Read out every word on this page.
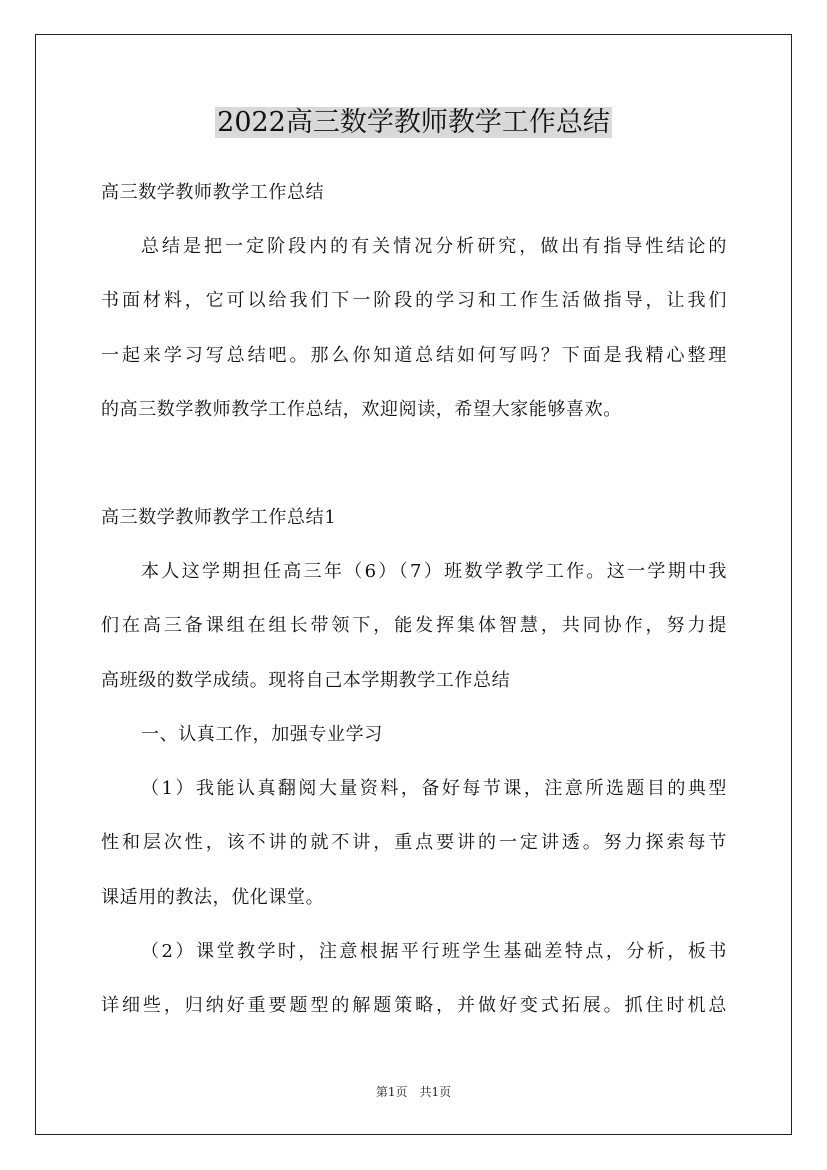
2022高三数学教师教学工作总结
高三数学教师教学工作总结
总结是把一定阶段内的有关情况分析研究，做出有指导性结论的
书面材料，它可以给我们下一阶段的学习和工作生活做指导，让我们
一起来学习写总结吧。那么你知道总结如何写吗？下面是我精心整理
的高三数学教师教学工作总结，欢迎阅读，希望大家能够喜欢。
高三数学教师教学工作总结1
本人这学期担任高三年（6）（7）班数学教学工作。这一学期中我
们在高三备课组在组长带领下，能发挥集体智慧，共同协作，努力提
高班级的数学成绩。现将自己本学期教学工作总结
一、认真工作，加强专业学习
（1）我能认真翻阅大量资料，备好每节课，注意所选题目的典型
性和层次性，该不讲的就不讲，重点要讲的一定讲透。努力探索每节
课适用的教法，优化课堂。
（2）课堂教学时，注意根据平行班学生基础差特点，分析，板书
详细些，归纳好重要题型的解题策略，并做好变式拓展。抓住时机总
第1页　共1页
